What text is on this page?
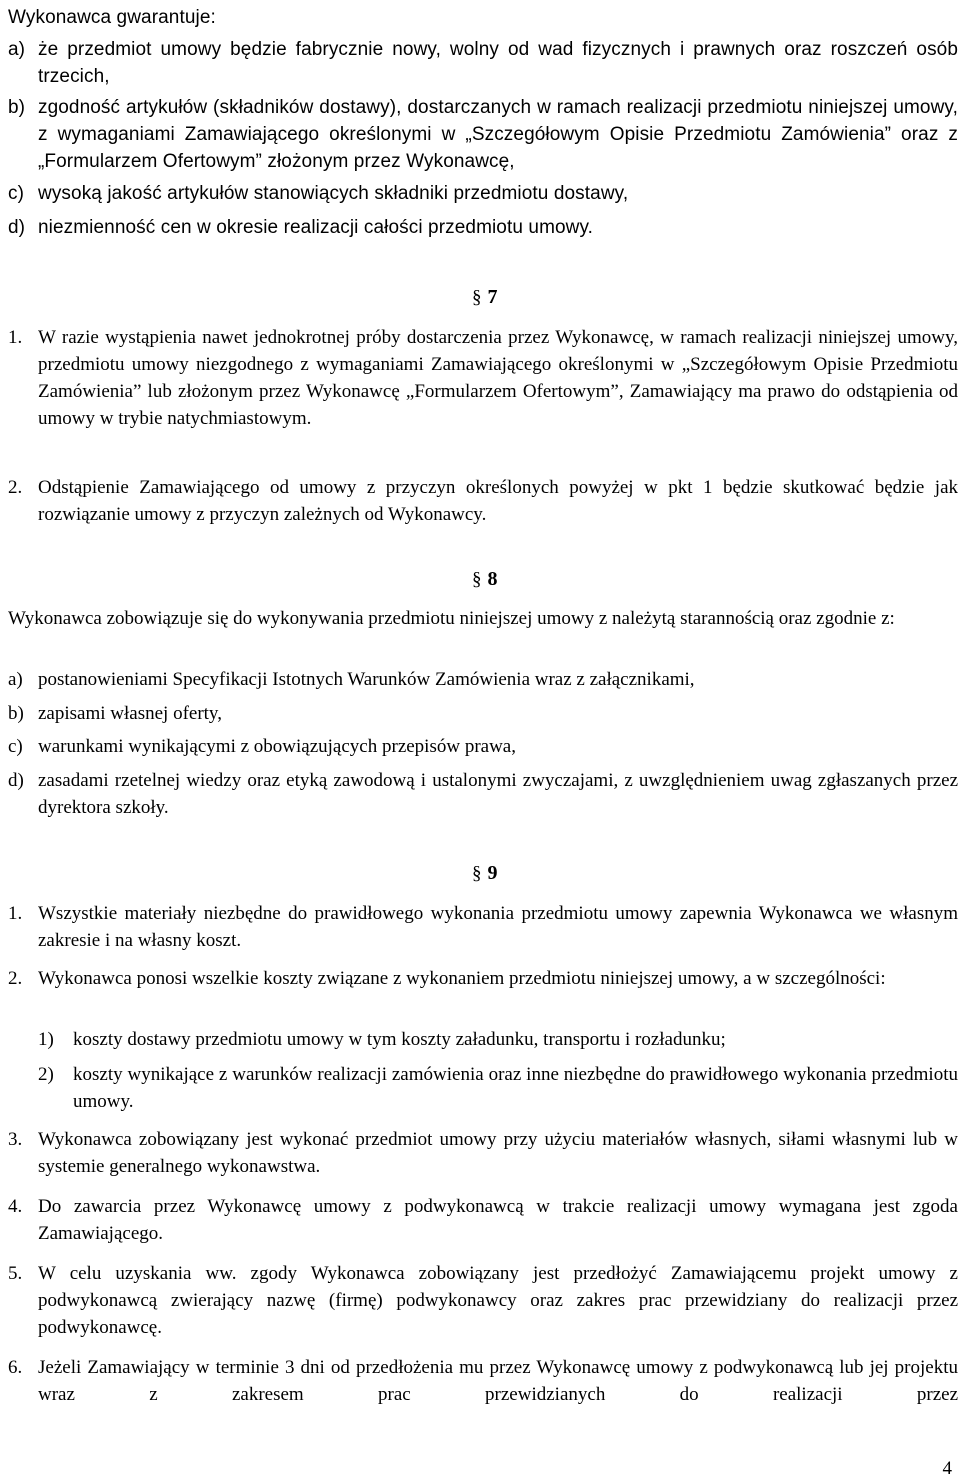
Wykonawca gwarantuje:
a) że przedmiot umowy będzie fabrycznie nowy, wolny od wad fizycznych i prawnych oraz roszczeń osób trzecich,
b) zgodność artykułów (składników dostawy), dostarczanych w ramach realizacji przedmiotu niniejszej umowy, z wymaganiami Zamawiającego określonymi w „Szczegółowym Opisie Przedmiotu Zamówienia” oraz z „Formularzem Ofertowym” złożonym przez Wykonawcę,
c) wysoką jakość artykułów stanowiących składniki przedmiotu dostawy,
d) niezmienność cen w okresie realizacji całości przedmiotu umowy.
§ 7
1. W razie wystąpienia nawet jednokrotnej próby dostarczenia przez Wykonawcę, w ramach realizacji niniejszej umowy, przedmiotu umowy niezgodnego z wymaganiami Zamawiającego określonymi w „Szczegółowym Opisie Przedmiotu Zamówienia” lub złożonym przez Wykonawcę „Formularzem Ofertowym”, Zamawiający ma prawo do odstąpienia od umowy w trybie natychmiastowym.
2. Odstąpienie Zamawiającego od umowy z przyczyn określonych powyżej w pkt 1 będzie skutkować będzie jak rozwiązanie umowy z przyczyn zależnych od Wykonawcy.
§ 8
Wykonawca zobowiązuje się do wykonywania przedmiotu niniejszej umowy z należytą starannością oraz zgodnie z:
a) postanowieniami Specyfikacji Istotnych Warunków Zamówienia wraz z załącznikami,
b) zapisami własnej oferty,
c) warunkami wynikającymi z obowiązujących przepisów prawa,
d) zasadami rzetelnej wiedzy oraz etyką zawodową i ustalonymi zwyczajami, z uwzględnieniem uwag zgłaszanych przez dyrektora szkoły.
§ 9
1. Wszystkie materiały niezbędne do prawidłowego wykonania przedmiotu umowy zapewnia Wykonawca we własnym zakresie i na własny koszt.
2. Wykonawca ponosi wszelkie koszty związane z wykonaniem przedmiotu niniejszej umowy, a w szczególności:
1) koszty dostawy przedmiotu umowy w tym koszty załadunku, transportu i rozładunku;
2) koszty wynikające z warunków realizacji zamówienia oraz inne niezbędne do prawidłowego wykonania przedmiotu umowy.
3. Wykonawca zobowiązany jest wykonać przedmiot umowy przy użyciu materiałów własnych, siłami własnymi lub w systemie generalnego wykonawstwa.
4. Do zawarcia przez Wykonawcę umowy z podwykonawcą w trakcie realizacji umowy wymagana jest zgoda Zamawiającego.
5. W celu uzyskania ww. zgody Wykonawca zobowiązany jest przedłożyć Zamawiającemu projekt umowy z podwykonawcą zwierający nazwę (firmę) podwykonawcy oraz zakres prac przewidziany do realizacji przez podwykonawcę.
6. Jeżeli Zamawiający w terminie 3 dni od przedłożenia mu przez Wykonawcę umowy z podwykonawcą lub jej projektu wraz z zakresem prac przewidzianych do realizacji przez
4
